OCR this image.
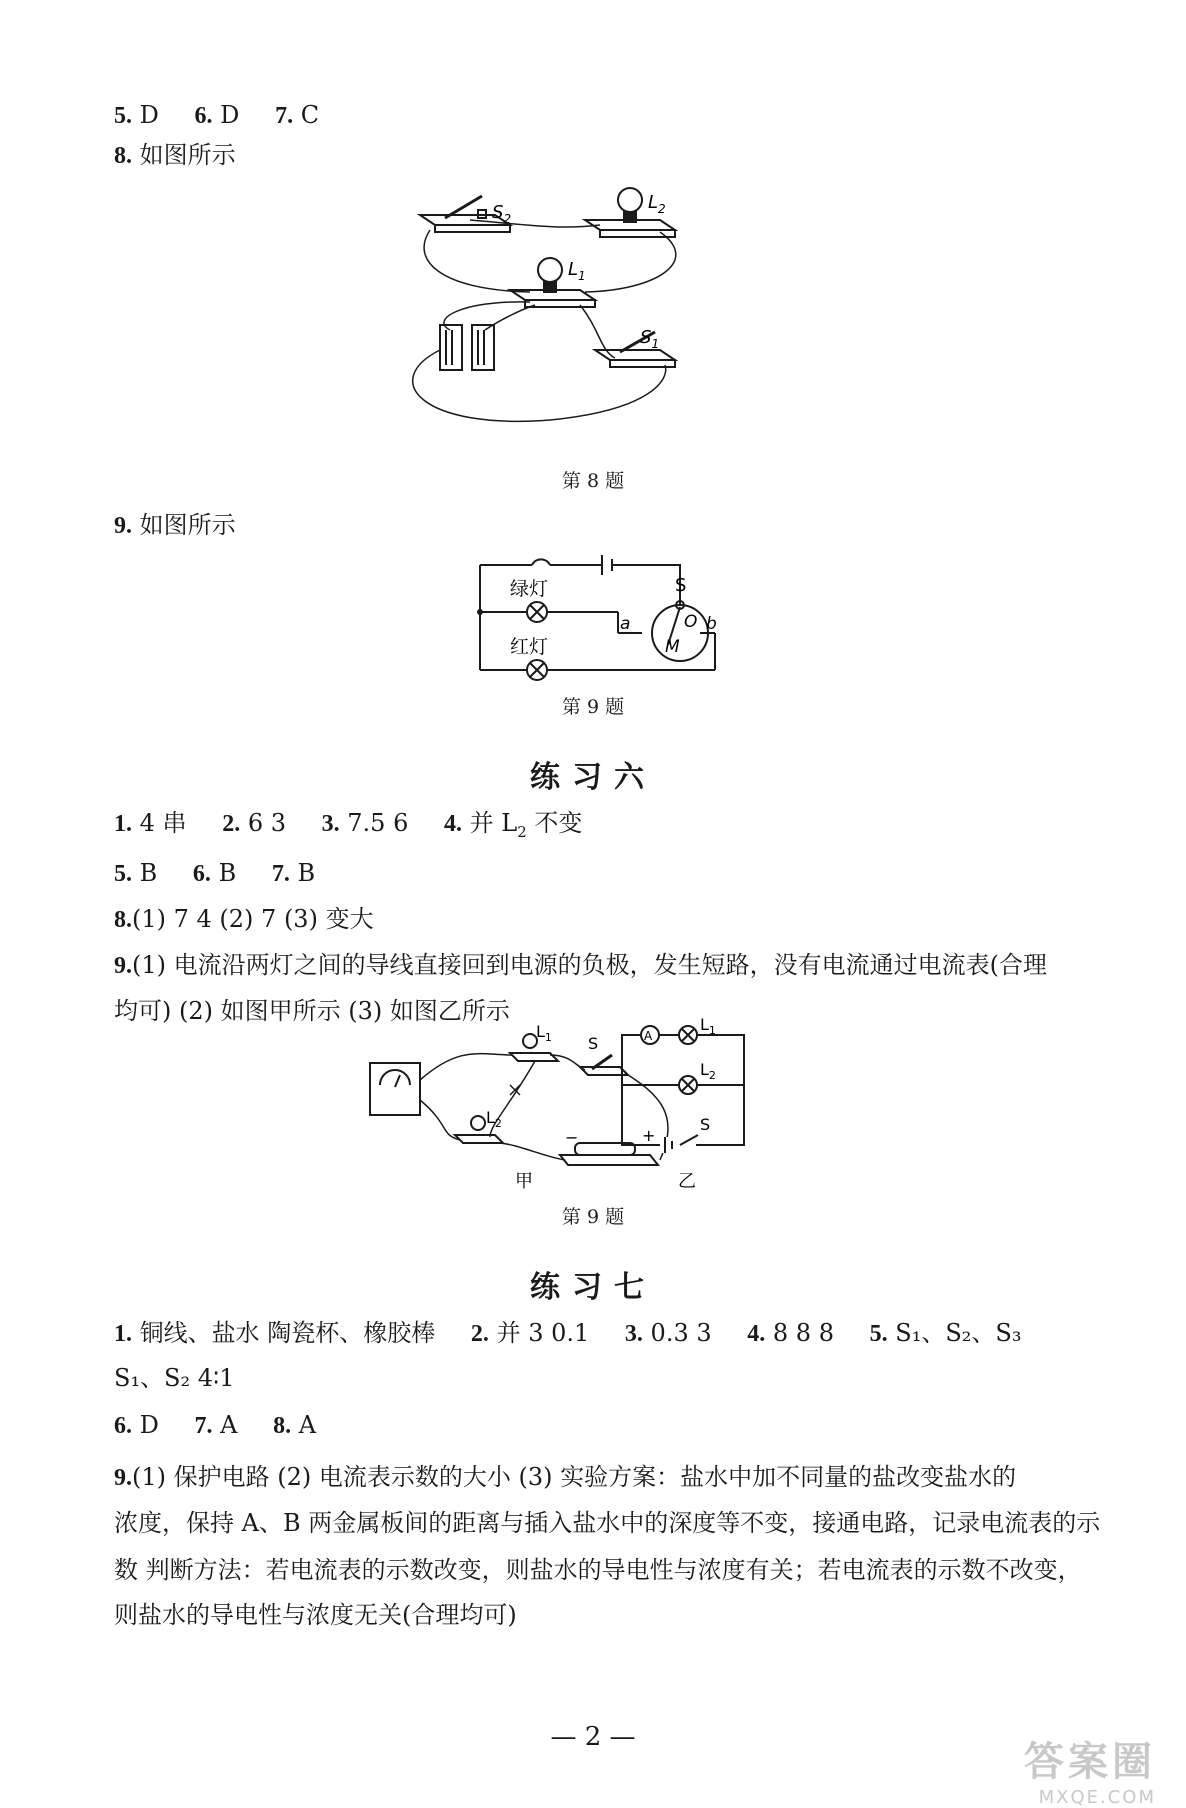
5. D 6. D 7. C
8. 如图所示
$S_2$
$L_2$
$L_1$
$S_1$
第 8 题
9. 如图所示
绿灯
红灯
S
a	b
O
M
第 9 题
练习六
1. 4 串 2. 6 3 3. 7.5 6 4. 并 $L_2$ 不变
5. B 6. B 7. B
8.(1) 7 4 (2) 7 (3) 变大
9.(1) 电流沿两灯之间的导线直接回到电源的负极，发生短路，没有电流通过电流表(合理
均可) (2) 如图甲所示 (3) 如图乙所示
$L_1$ S
$L_2$
−	+
A
$L_1$
$L_2$
S
甲	乙
第 9 题
练习七
1. 铜线、盐水 陶瓷杯、橡胶棒 2. 并 3 0.1 3. 0.3 3 4. 8 8 8 5. S₁、S₂、S₃
S₁、S₂ 4∶1
6. D 7. A 8. A
9.(1) 保护电路 (2) 电流表示数的大小 (3) 实验方案：盐水中加不同量的盐改变盐水的
浓度，保持 A、B 两金属板间的距离与插入盐水中的深度等不变，接通电路，记录电流表的示
数 判断方法：若电流表的示数改变，则盐水的导电性与浓度有关；若电流表的示数不改变，
则盐水的导电性与浓度无关(合理均可)
— 2 —
答案圈
MXQE.COM
